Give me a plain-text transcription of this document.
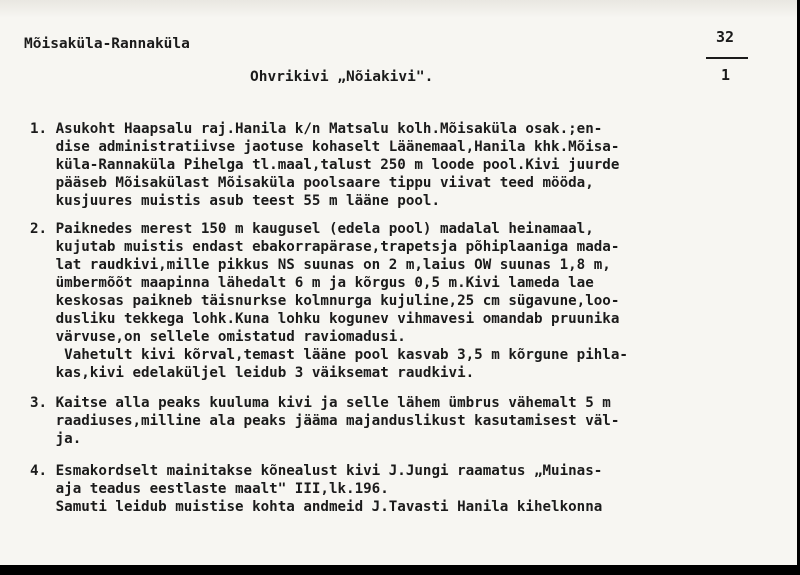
Mõisaküla-Rannaküla	32
1
Ohvrikivi „Nõiakivi".
1. Asukoht Haapsalu raj.Hanila k/n Matsalu kolh.Mõisaküla osak.;en-
dise administratiivse jaotuse kohaselt Läänemaal,Hanila khk.Mõisa-
küla-Rannaküla Pihelga tl.maal,talust 250 m loode pool.Kivi juurde
pääseb Mõisakülast Mõisaküla poolsaare tippu viivat teed mööda,
kusjuures muistis asub teest 55 m lääne pool.
2. Paiknedes merest 150 m kaugusel (edela pool) madalal heinamaal,
kujutab muistis endast ebakorrapärase,trapetsja põhiplaaniga mada-
lat raudkivi,mille pikkus NS suunas on 2 m,laius OW suunas 1,8 m,
ümbermõõt maapinna lähedalt 6 m ja kõrgus 0,5 m.Kivi lameda lae
keskosas paikneb täisnurkse kolmnurga kujuline,25 cm sügavune,loo-
dusliku tekkega lohk.Kuna lohku kogunev vihmavesi omandab pruunika
värvuse,on sellele omistatud raviomadusi.
Vahetult kivi kõrval,temast lääne pool kasvab 3,5 m kõrgune pihla-
kas,kivi edelaküljel leidub 3 väiksemat raudkivi.
3. Kaitse alla peaks kuuluma kivi ja selle lähem ümbrus vähemalt 5 m
raadiuses,milline ala peaks jääma majanduslikust kasutamisest väl-
ja.
4. Esmakordselt mainitakse kõnealust kivi J.Jungi raamatus „Muinas-
aja teadus eestlaste maalt" III,lk.196.
Samuti leidub muistise kohta andmeid J.Tavasti Hanila kihelkonna
